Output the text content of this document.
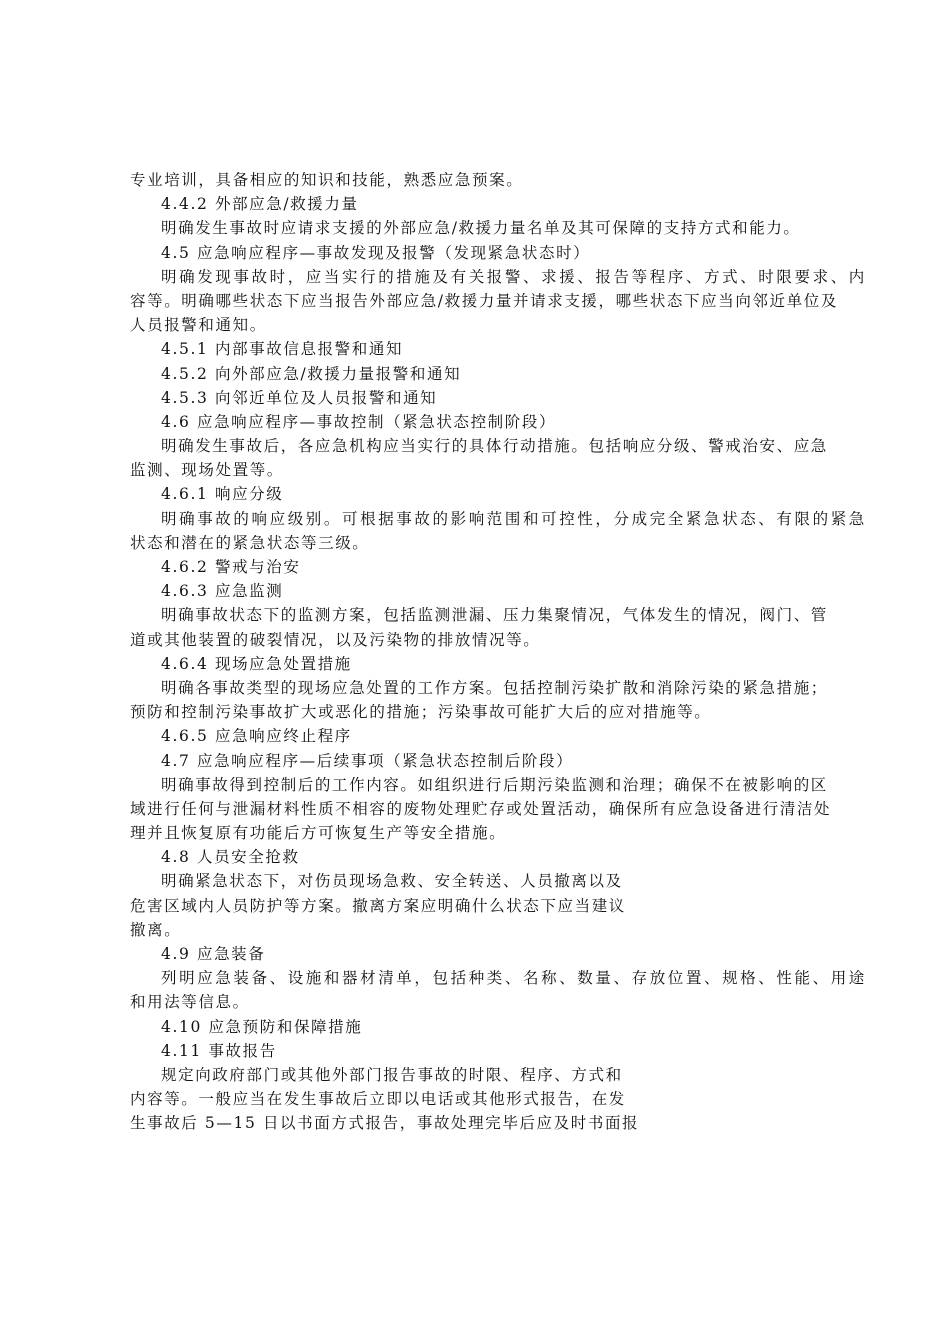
专业培训，具备相应的知识和技能，熟悉应急预案。
4.4.2 外部应急/救援力量
明确发生事故时应请求支援的外部应急/救援力量名单及其可保障的支持方式和能力。
4.5 应急响应程序—事故发现及报警（发现紧急状态时）
明确发现事故时，应当实行的措施及有关报警、求援、报告等程序、方式、时限要求、内
容等。明确哪些状态下应当报告外部应急/救援力量并请求支援，哪些状态下应当向邻近单位及
人员报警和通知。
4.5.1 内部事故信息报警和通知
4.5.2 向外部应急/救援力量报警和通知
4.5.3 向邻近单位及人员报警和通知
4.6 应急响应程序—事故控制（紧急状态控制阶段）
明确发生事故后，各应急机构应当实行的具体行动措施。包括响应分级、警戒治安、应急
监测、现场处置等。
4.6.1 响应分级
明确事故的响应级别。可根据事故的影响范围和可控性，分成完全紧急状态、有限的紧急
状态和潜在的紧急状态等三级。
4.6.2 警戒与治安
4.6.3 应急监测
明确事故状态下的监测方案，包括监测泄漏、压力集聚情况，气体发生的情况，阀门、管
道或其他装置的破裂情况，以及污染物的排放情况等。
4.6.4 现场应急处置措施
明确各事故类型的现场应急处置的工作方案。包括控制污染扩散和消除污染的紧急措施；
预防和控制污染事故扩大或恶化的措施；污染事故可能扩大后的应对措施等。
4.6.5 应急响应终止程序
4.7 应急响应程序—后续事项（紧急状态控制后阶段）
明确事故得到控制后的工作内容。如组织进行后期污染监测和治理；确保不在被影响的区
域进行任何与泄漏材料性质不相容的废物处理贮存或处置活动，确保所有应急设备进行清洁处
理并且恢复原有功能后方可恢复生产等安全措施。
4.8 人员安全抢救
明确紧急状态下，对伤员现场急救、安全转送、人员撤离以及
危害区域内人员防护等方案。撤离方案应明确什么状态下应当建议
撤离。
4.9 应急装备
列明应急装备、设施和器材清单，包括种类、名称、数量、存放位置、规格、性能、用途
和用法等信息。
4.10 应急预防和保障措施
4.11 事故报告
规定向政府部门或其他外部门报告事故的时限、程序、方式和
内容等。一般应当在发生事故后立即以电话或其他形式报告，在发
生事故后 5—15 日以书面方式报告，事故处理完毕后应及时书面报
